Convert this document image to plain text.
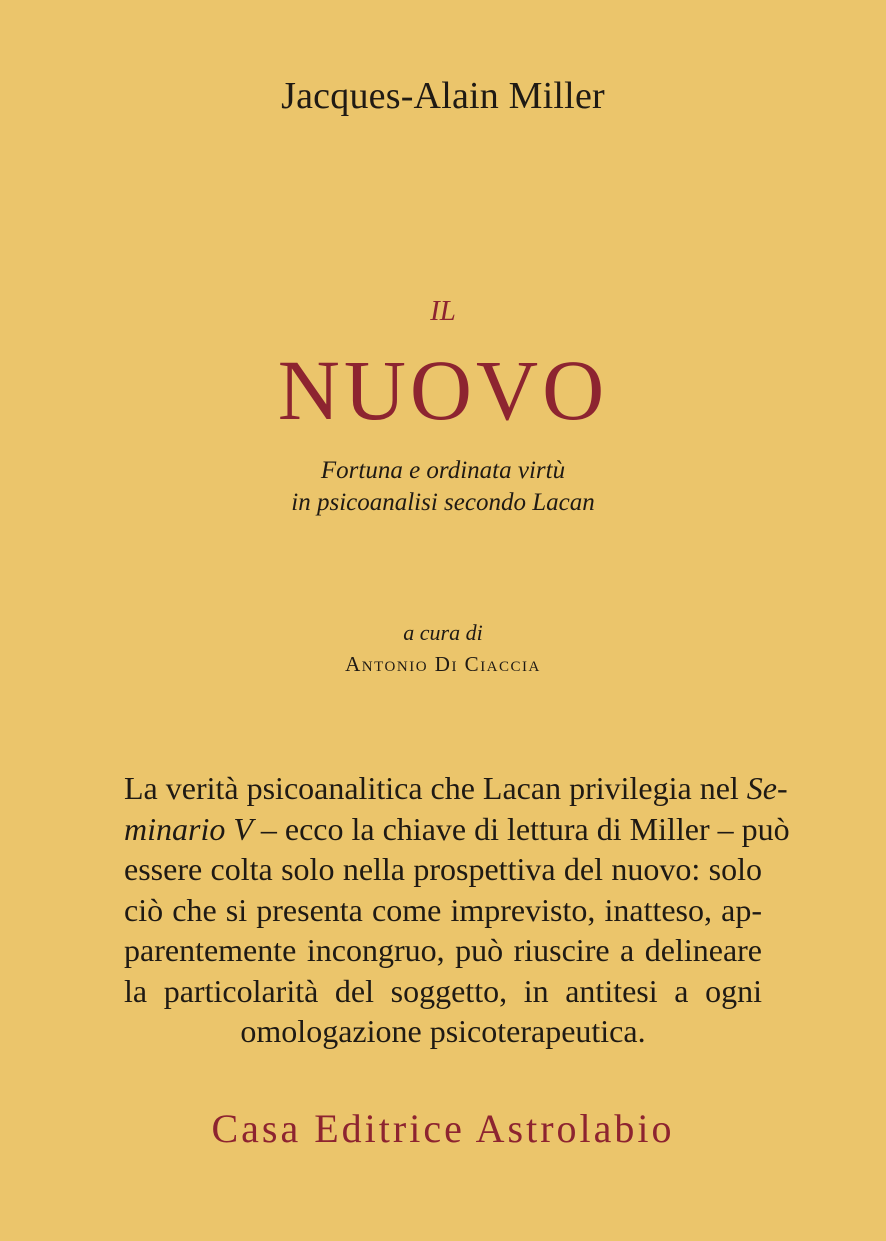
Jacques-Alain Miller
IL
NUOVO
Fortuna e ordinata virtù
in psicoanalisi secondo Lacan
a cura di
Antonio Di Ciaccia
La verità psicoanalitica che Lacan privilegia nel Se-
minario V – ecco la chiave di lettura di Miller – può
essere colta solo nella prospettiva del nuovo: solo
ciò che si presenta come imprevisto, inatteso, ap-
parentemente incongruo, può riuscire a delineare
la particolarità del soggetto, in antitesi a ogni
omologazione psicoterapeutica.
Casa Editrice Astrolabio
